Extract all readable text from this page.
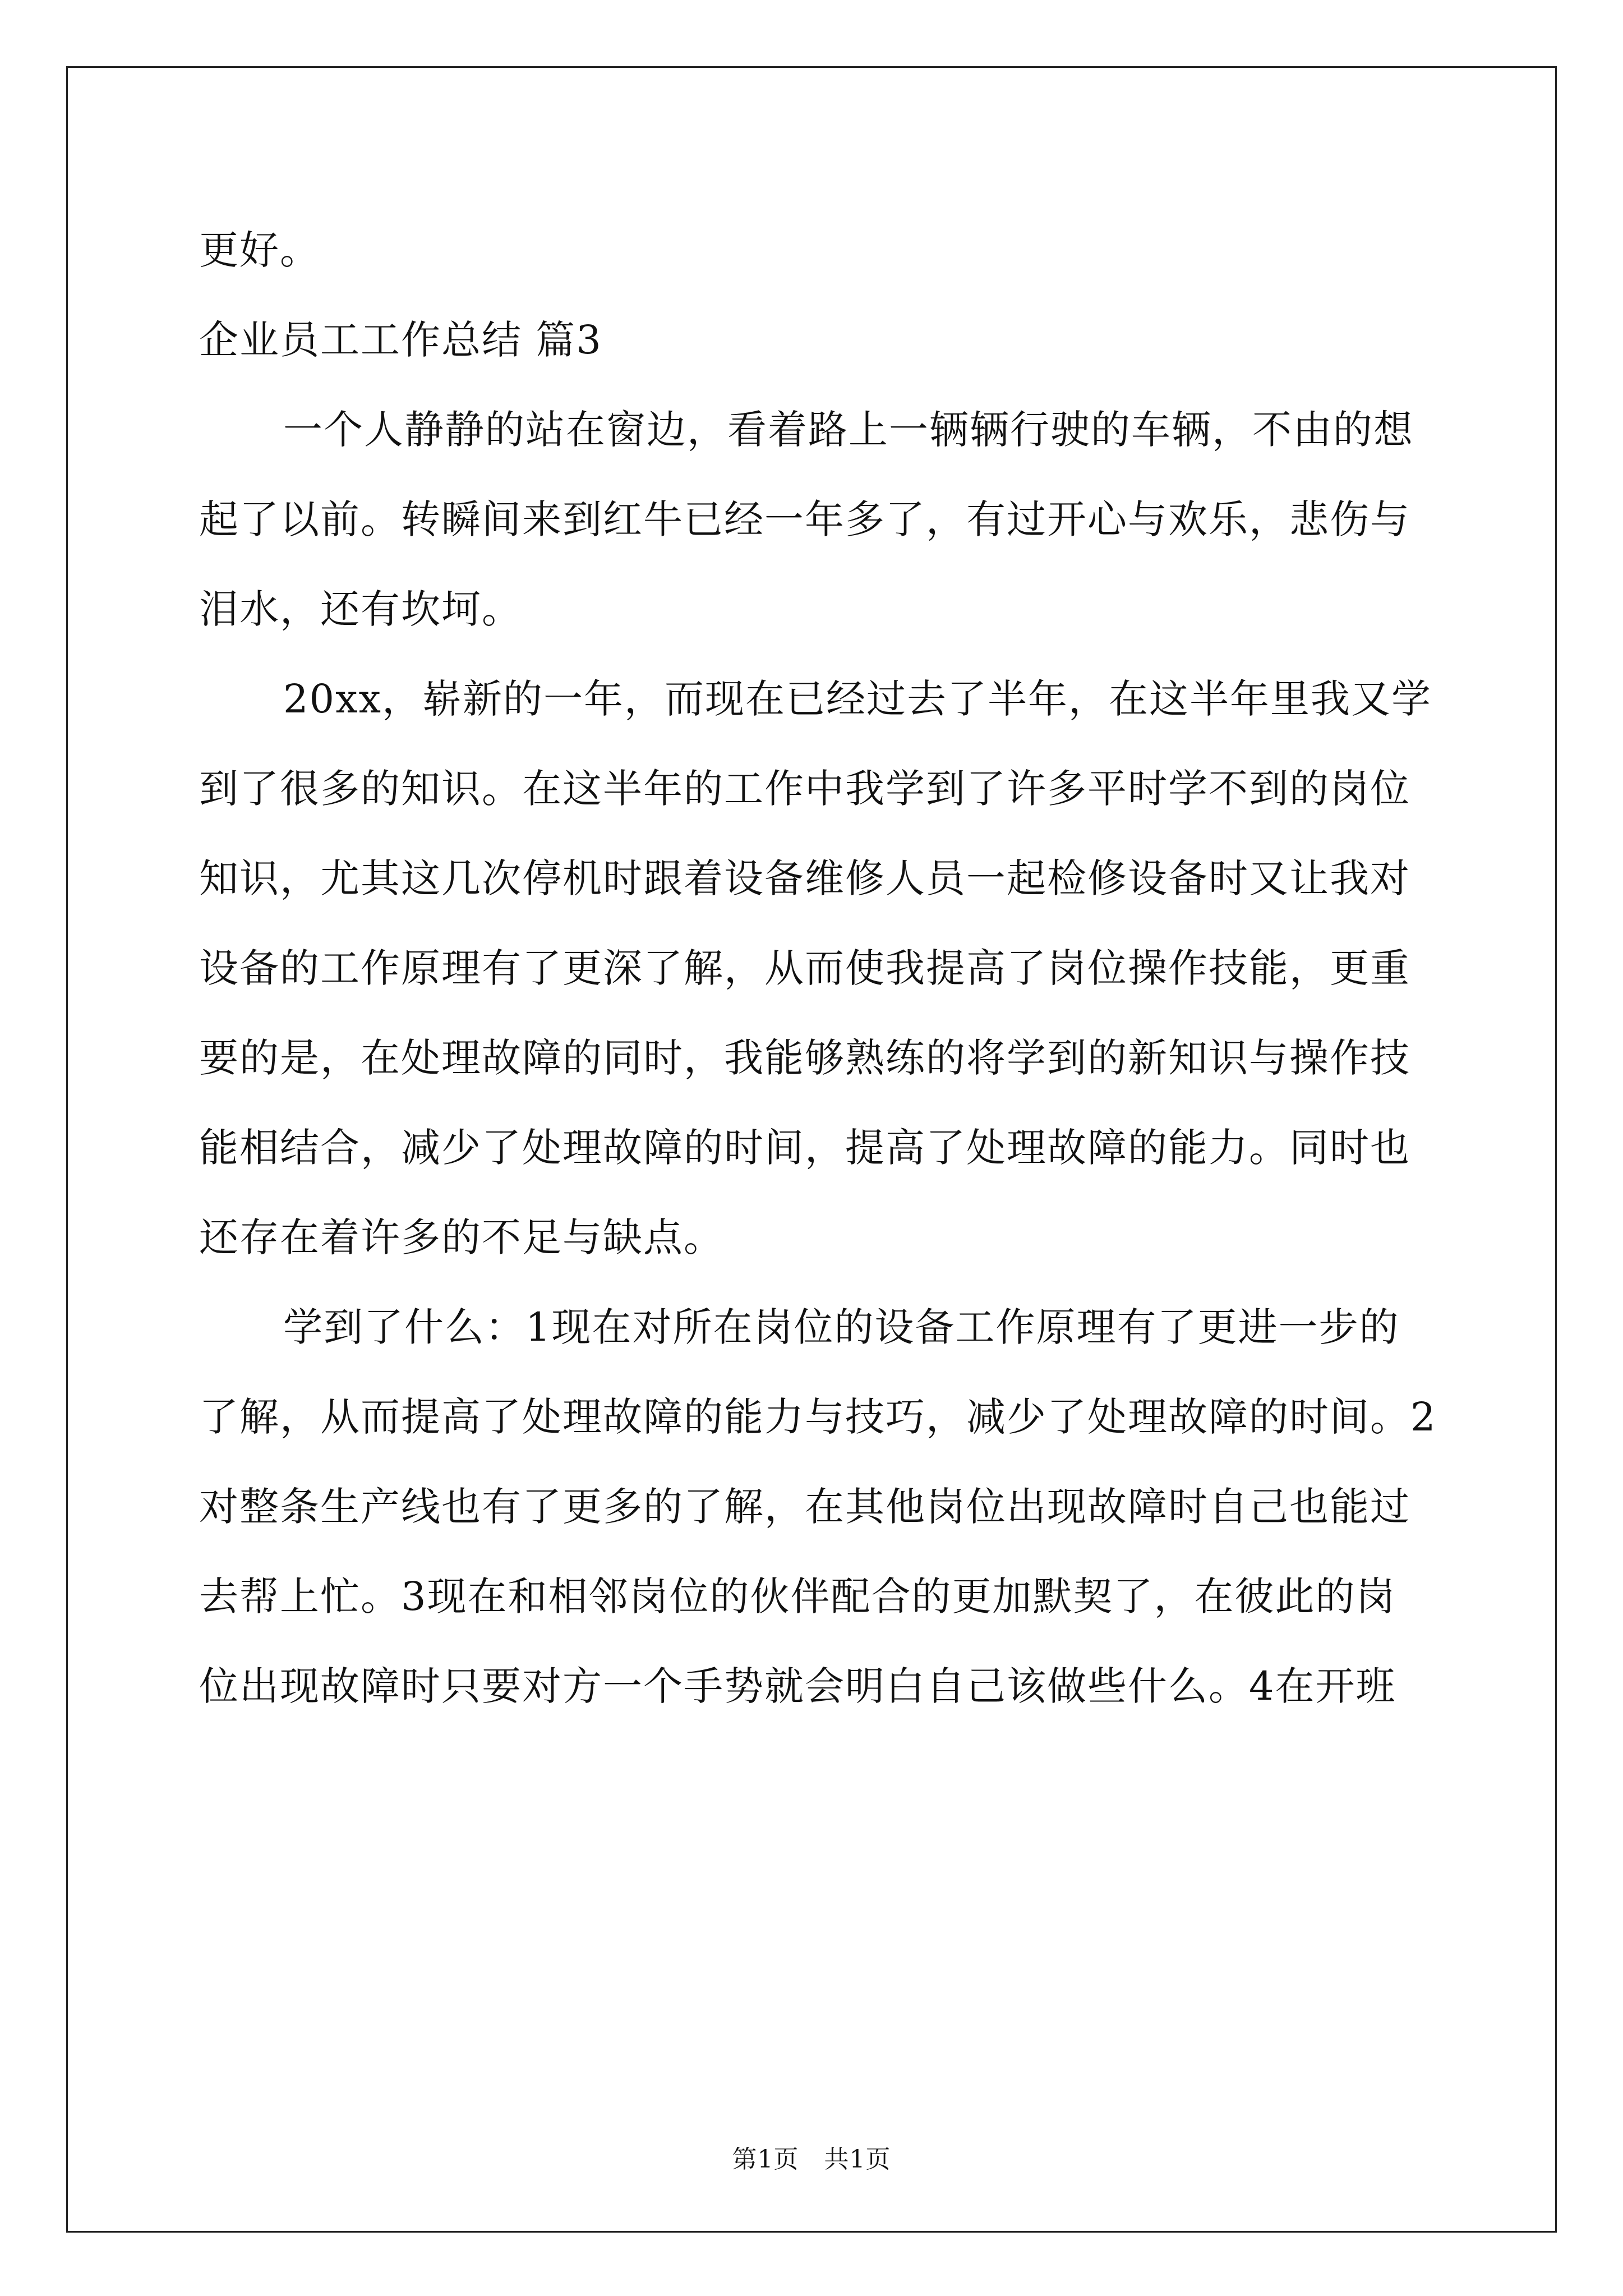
更好。

企业员工工作总结 篇3

一个人静静的站在窗边，看着路上一辆辆行驶的车辆，不由的想

起了以前。转瞬间来到红牛已经一年多了，有过开心与欢乐，悲伤与

泪水，还有坎坷。

20xx，崭新的一年，而现在已经过去了半年，在这半年里我又学

到了很多的知识。在这半年的工作中我学到了许多平时学不到的岗位

知识，尤其这几次停机时跟着设备维修人员一起检修设备时又让我对

设备的工作原理有了更深了解，从而使我提高了岗位操作技能，更重

要的是，在处理故障的同时，我能够熟练的将学到的新知识与操作技

能相结合，减少了处理故障的时间，提高了处理故障的能力。同时也

还存在着许多的不足与缺点。

学到了什么：1现在对所在岗位的设备工作原理有了更进一步的

了解，从而提高了处理故障的能力与技巧，减少了处理故障的时间。2

对整条生产线也有了更多的了解，在其他岗位出现故障时自己也能过

去帮上忙。3现在和相邻岗位的伙伴配合的更加默契了，在彼此的岗

位出现故障时只要对方一个手势就会明白自己该做些什么。4在开班

第1页　共1页
